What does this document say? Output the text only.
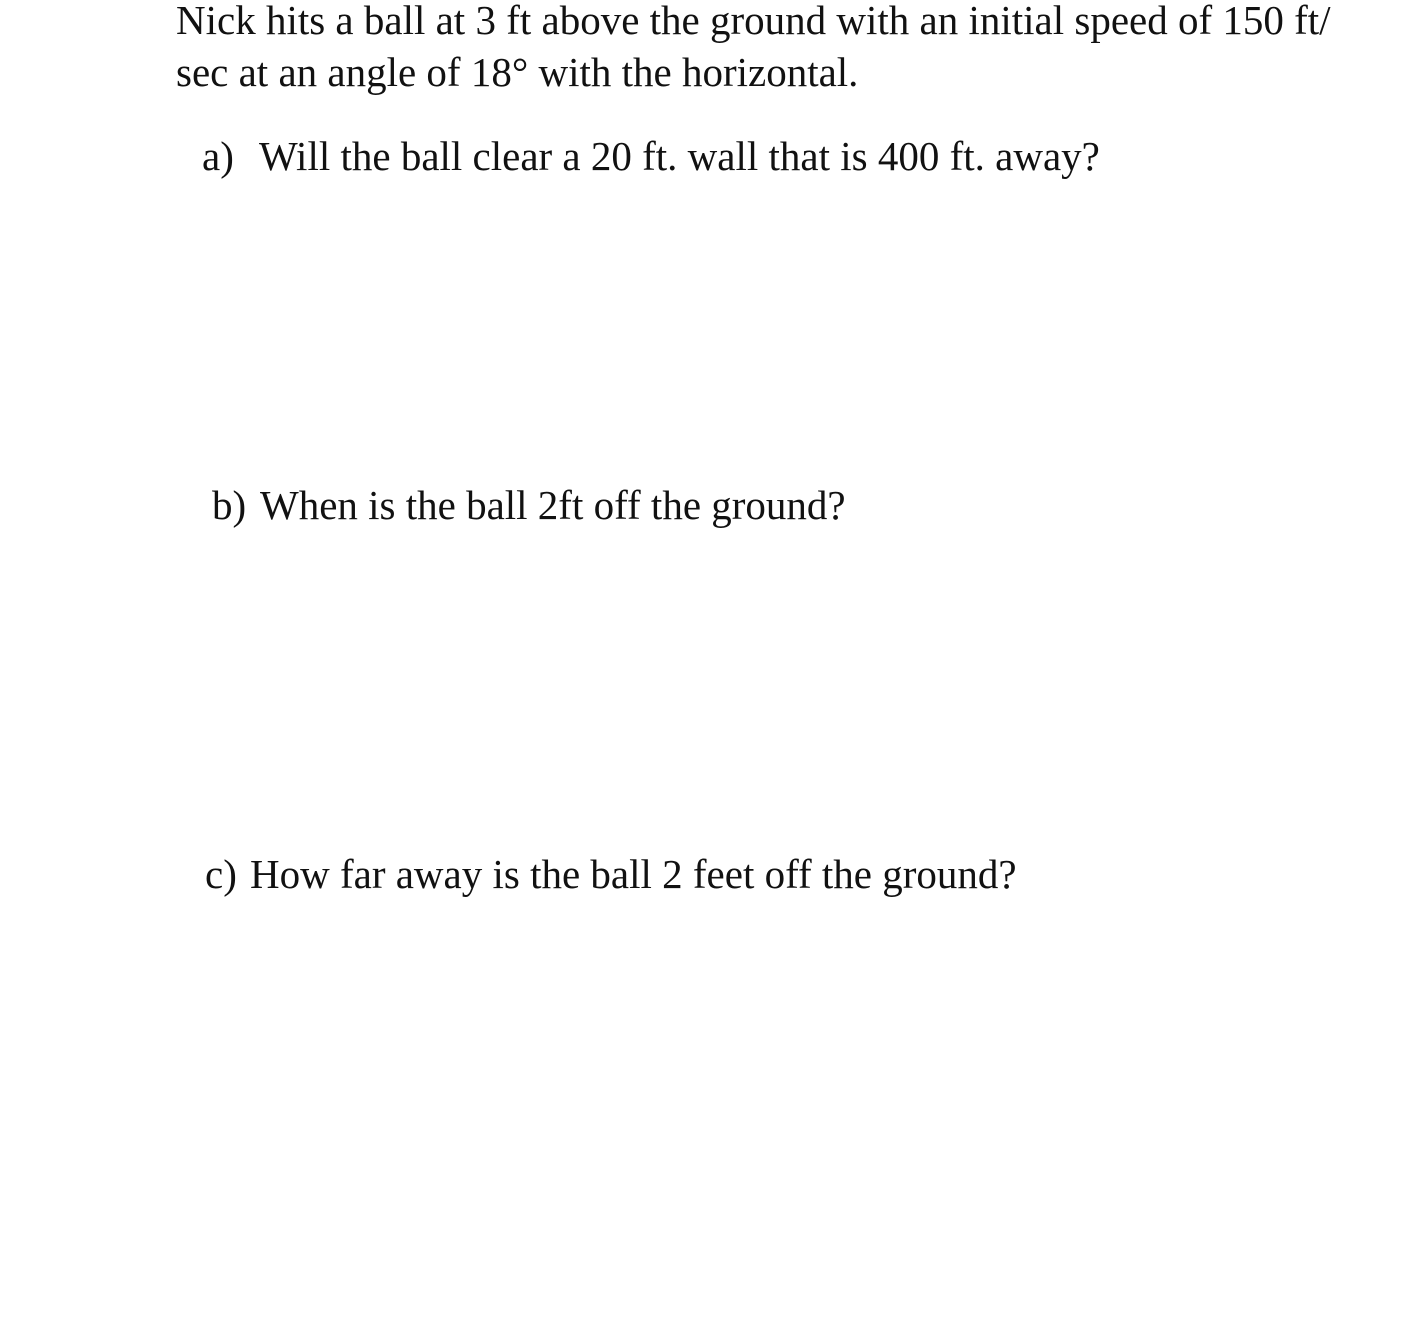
Nick hits a ball at 3 ft above the ground with an initial speed of 150 ft/
sec at an angle of 18° with the horizontal.
a) Will the ball clear a 20 ft. wall that is 400 ft. away?
b) When is the ball 2ft off the ground?
c) How far away is the ball 2 feet off the ground?
